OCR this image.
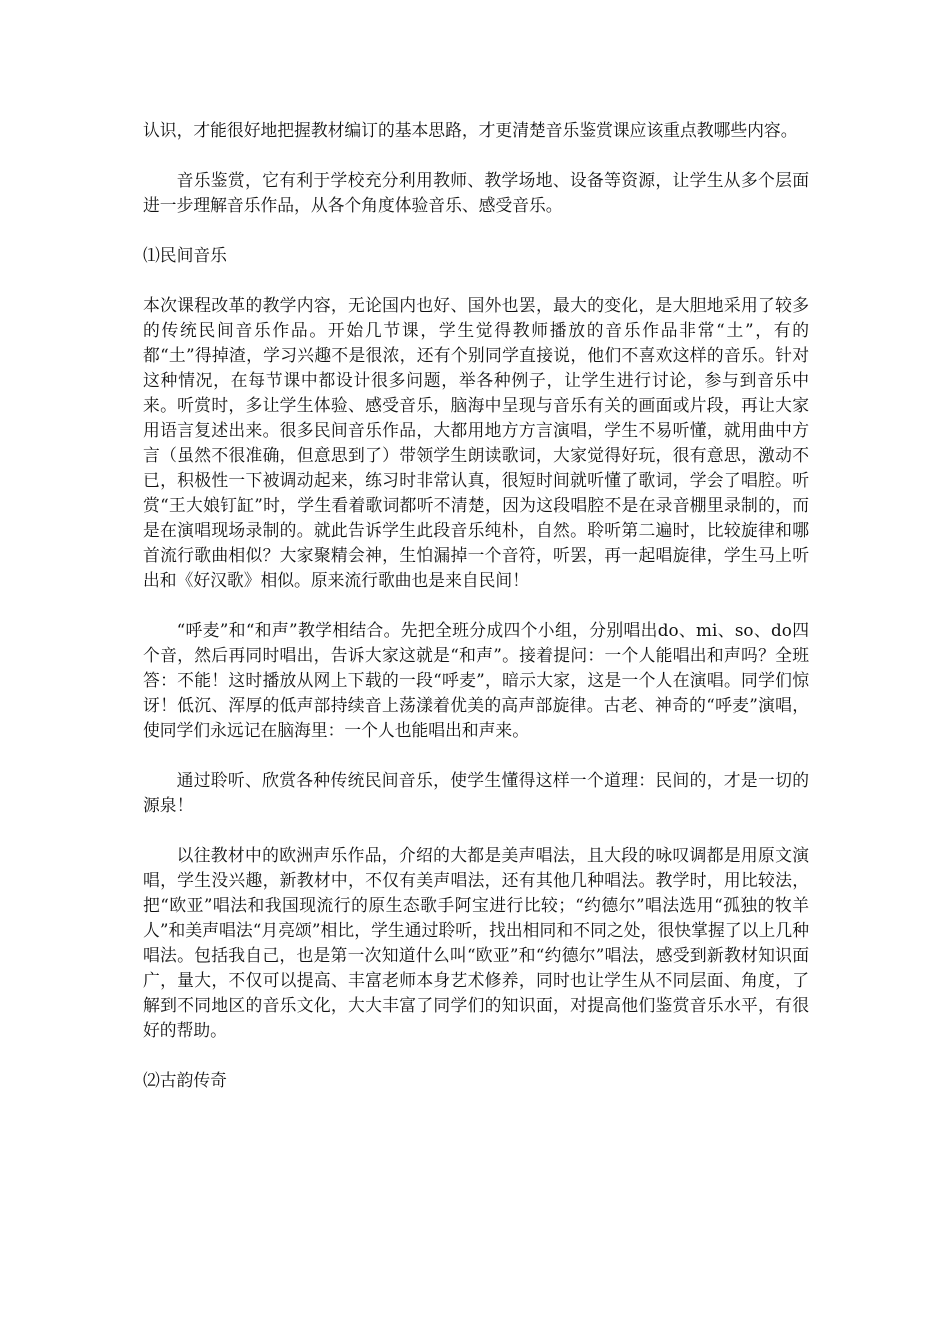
认识，才能很好地把握教材编订的基本思路，才更清楚音乐鉴赏课应该重点教哪些内容。

音乐鉴赏，它有利于学校充分利用教师、教学场地、设备等资源，让学生从多个层面进一步理解音乐作品，从各个角度体验音乐、感受音乐。

⑴民间音乐

本次课程改革的教学内容，无论国内也好、国外也罢，最大的变化，是大胆地采用了较多的传统民间音乐作品。开始几节课，学生觉得教师播放的音乐作品非常“土”，有的都“土”得掉渣，学习兴趣不是很浓，还有个别同学直接说，他们不喜欢这样的音乐。针对这种情况，在每节课中都设计很多问题，举各种例子，让学生进行讨论，参与到音乐中来。听赏时，多让学生体验、感受音乐，脑海中呈现与音乐有关的画面或片段，再让大家用语言复述出来。很多民间音乐作品，大都用地方方言演唱，学生不易听懂，就用曲中方言（虽然不很准确，但意思到了）带领学生朗读歌词，大家觉得好玩，很有意思，激动不已，积极性一下被调动起来，练习时非常认真，很短时间就听懂了歌词，学会了唱腔。听赏“王大娘钉缸”时，学生看着歌词都听不清楚，因为这段唱腔不是在录音棚里录制的，而是在演唱现场录制的。就此告诉学生此段音乐纯朴，自然。聆听第二遍时，比较旋律和哪首流行歌曲相似？大家聚精会神，生怕漏掉一个音符，听罢，再一起唱旋律，学生马上听出和《好汉歌》相似。原来流行歌曲也是来自民间！

“呼麦”和“和声”教学相结合。先把全班分成四个小组，分别唱出do、mi、so、do四个音，然后再同时唱出，告诉大家这就是“和声”。接着提问：一个人能唱出和声吗？全班答：不能！这时播放从网上下载的一段“呼麦”，暗示大家，这是一个人在演唱。同学们惊讶！低沉、浑厚的低声部持续音上荡漾着优美的高声部旋律。古老、神奇的“呼麦”演唱，使同学们永远记在脑海里：一个人也能唱出和声来。

通过聆听、欣赏各种传统民间音乐，使学生懂得这样一个道理：民间的，才是一切的源泉！

以往教材中的欧洲声乐作品，介绍的大都是美声唱法，且大段的咏叹调都是用原文演唱，学生没兴趣，新教材中，不仅有美声唱法，还有其他几种唱法。教学时，用比较法，把“欧亚”唱法和我国现流行的原生态歌手阿宝进行比较；“约德尔”唱法选用“孤独的牧羊人”和美声唱法“月亮颂”相比，学生通过聆听，找出相同和不同之处，很快掌握了以上几种唱法。包括我自己，也是第一次知道什么叫“欧亚”和“约德尔”唱法，感受到新教材知识面广，量大，不仅可以提高、丰富老师本身艺术修养，同时也让学生从不同层面、角度，了解到不同地区的音乐文化，大大丰富了同学们的知识面，对提高他们鉴赏音乐水平，有很好的帮助。

⑵古韵传奇
